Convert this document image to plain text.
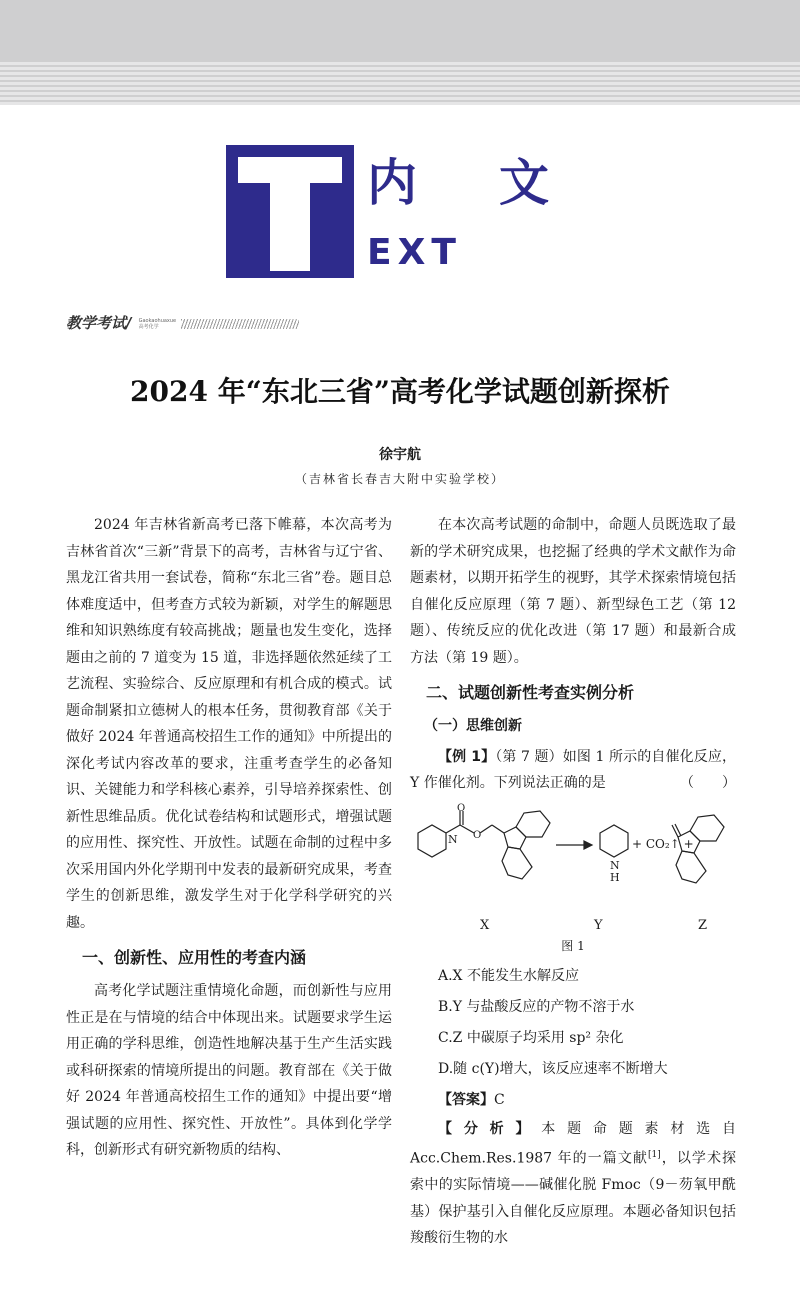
内 文
EXT
教学考试/ Gaokaohuaxue
高考化学
2024 年“东北三省”高考化学试题创新探析
徐宇航
（吉林省长春吉大附中实验学校）

2024 年吉林省新高考已落下帷幕，本次高考为吉林省首次“三新”背景下的高考，吉林省与辽宁省、黑龙江省共用一套试卷，简称“东北三省”卷。题目总体难度适中，但考查方式较为新颖，对学生的解题思维和知识熟练度有较高挑战；题量也发生变化，选择题由之前的 7 道变为 15 道，非选择题依然延续了工艺流程、实验综合、反应原理和有机合成的模式。试题命制紧扣立德树人的根本任务，贯彻教育部《关于做好 2024 年普通高校招生工作的通知》中所提出的深化考试内容改革的要求，注重考查学生的必备知识、关键能力和学科核心素养，引导培养探索性、创新性思维品质。优化试卷结构和试题形式，增强试题的应用性、探究性、开放性。试题在命制的过程中多次采用国内外化学期刊中发表的最新研究成果，考查学生的创新思维，激发学生对于化学科学研究的兴趣。

一、创新性、应用性的考查内涵

高考化学试题注重情境化命题，而创新性与应用性正是在与情境的结合中体现出来。试题要求学生运用正确的学科思维，创造性地解决基于生产生活实践或科研探索的情境所提出的问题。教育部在《关于做好 2024 年普通高校招生工作的通知》中提出要“增强试题的应用性、探究性、开放性”。具体到化学学科，创新形式有研究新物质的结构、

在本次高考试题的命制中，命题人员既选取了最新的学术研究成果，也挖掘了经典的学术文献作为命题素材，以期开拓学生的视野，其学术探索情境包括自催化反应原理（第 7 题）、新型绿色工艺（第 12 题）、传统反应的优化改进（第 17 题）和最新合成方法（第 19 题）。

二、试题创新性考查实例分析
（一）思维创新
【例 1】（第 7 题）如图 1 所示的自催化反应，Y 作催化剂。下列说法正确的是	（　　）
N
O
O
N
H
+ CO₂↑ +
X	Y	Z
图 1
A.X 不能发生水解反应
B.Y 与盐酸反应的产物不溶于水
C.Z 中碳原子均采用 sp² 杂化
D.随 c(Y)增大，该反应速率不断增大
【答案】C

【分析】本题命题素材选自 Acc.Chem.Res.1987 年的一篇文献[1]，以学术探索中的实际情境——碱催化脱 Fmoc（9－芴氧甲酰基）保护基引入自催化反应原理。本题必备知识包括羧酸衍生物的水
